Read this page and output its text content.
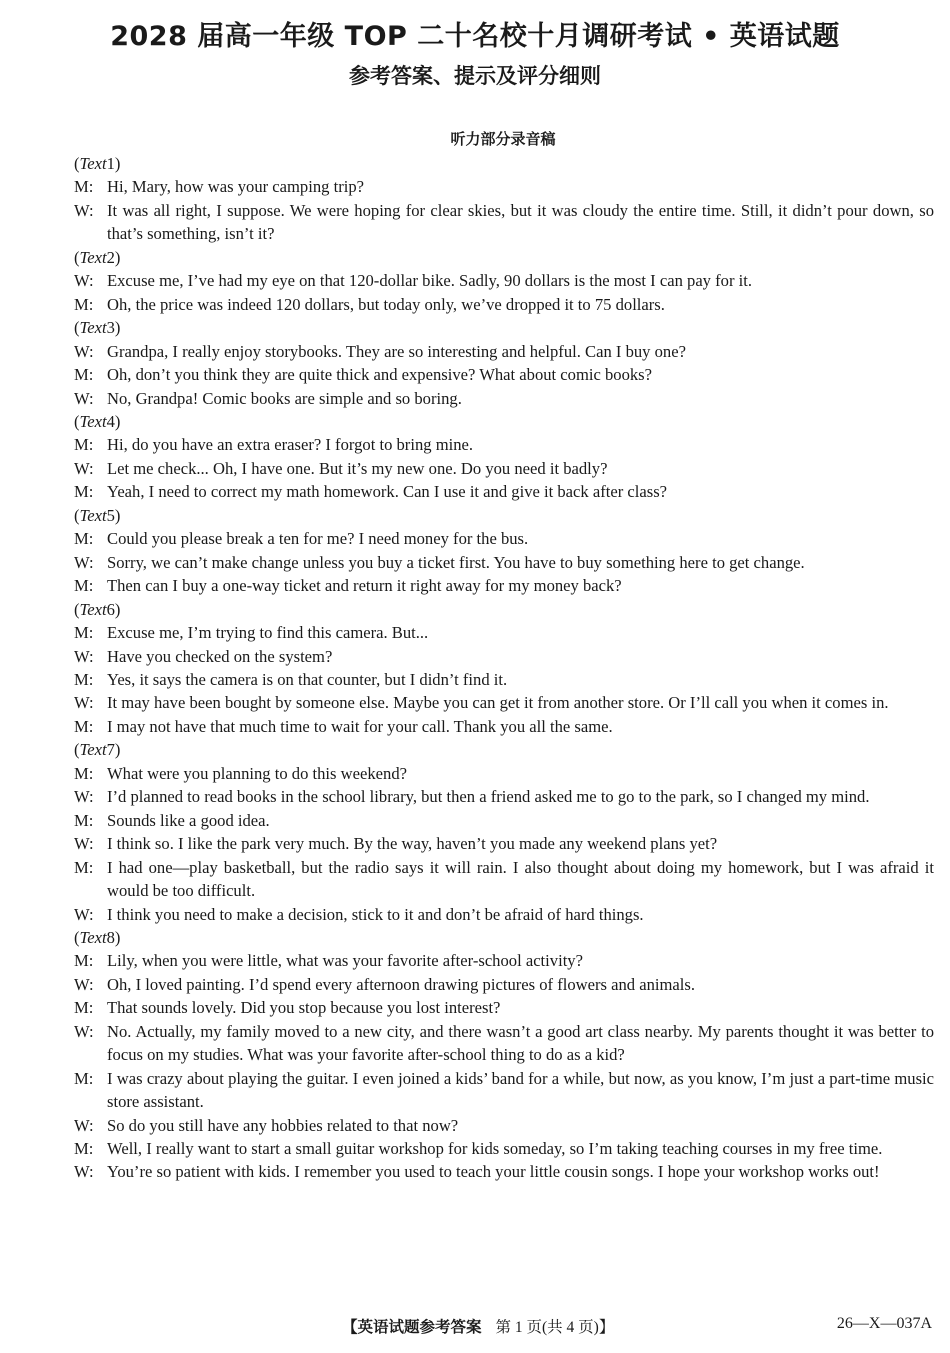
2028 届高一年级 TOP 二十名校十月调研考试 • 英语试题
参考答案、提示及评分细则
听力部分录音稿
( Text 1)
M: Hi, Mary, how was your camping trip?
W: It was all right, I suppose. We were hoping for clear skies, but it was cloudy the entire time. Still, it didn’t pour down, so that’s something, isn’t it?
( Text 2)
W: Excuse me, I’ve had my eye on that 120-dollar bike. Sadly, 90 dollars is the most I can pay for it.
M: Oh, the price was indeed 120 dollars, but today only, we’ve dropped it to 75 dollars.
( Text 3)
W: Grandpa, I really enjoy storybooks. They are so interesting and helpful. Can I buy one?
M: Oh, don’t you think they are quite thick and expensive? What about comic books?
W: No, Grandpa! Comic books are simple and so boring.
( Text 4)
M: Hi, do you have an extra eraser? I forgot to bring mine.
W: Let me check... Oh, I have one. But it’s my new one. Do you need it badly?
M: Yeah, I need to correct my math homework. Can I use it and give it back after class?
( Text 5)
M: Could you please break a ten for me? I need money for the bus.
W: Sorry, we can’t make change unless you buy a ticket first. You have to buy something here to get change.
M: Then can I buy a one-way ticket and return it right away for my money back?
( Text 6)
M: Excuse me, I’m trying to find this camera. But...
W: Have you checked on the system?
M: Yes, it says the camera is on that counter, but I didn’t find it.
W: It may have been bought by someone else. Maybe you can get it from another store. Or I’ll call you when it comes in.
M: I may not have that much time to wait for your call. Thank you all the same.
( Text 7)
M: What were you planning to do this weekend?
W: I’d planned to read books in the school library, but then a friend asked me to go to the park, so I changed my mind.
M: Sounds like a good idea.
W: I think so. I like the park very much. By the way, haven’t you made any weekend plans yet?
M: I had one—play basketball, but the radio says it will rain. I also thought about doing my homework, but I was afraid it would be too difficult.
W: I think you need to make a decision, stick to it and don’t be afraid of hard things.
( Text 8)
M: Lily, when you were little, what was your favorite after-school activity?
W: Oh, I loved painting. I’d spend every afternoon drawing pictures of flowers and animals.
M: That sounds lovely. Did you stop because you lost interest?
W: No. Actually, my family moved to a new city, and there wasn’t a good art class nearby. My parents thought it was better to focus on my studies. What was your favorite after-school thing to do as a kid?
M: I was crazy about playing the guitar. I even joined a kids’ band for a while, but now, as you know, I’m just a part-time music store assistant.
W: So do you still have any hobbies related to that now?
M: Well, I really want to start a small guitar workshop for kids someday, so I’m taking teaching courses in my free time.
W: You’re so patient with kids. I remember you used to teach your little cousin songs. I hope your workshop works out!
【英语试题参考答案 第 1 页(共 4 页)】	26—X—037A
